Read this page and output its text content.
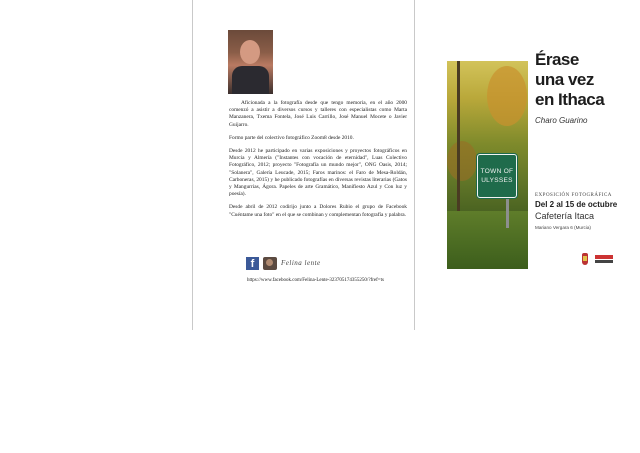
Aficionada a la fotografía desde que tengo memoria, en el año 2000 comenzó a asistir a diversos cursos y talleres con especialistas como Marta Manzanera, Txema Fontela, José Luis Carrillo, José Manuel Mocete o Javier Guijarro.

Formo parte del colectivo fotográfico Zoom8 desde 2010.

Desde 2012 he participado en varias exposiciones y proyectos fotográficos en Murcia y Almería ("Instantes con vocación de eternidad", Luas Colectivo Fotográfico, 2012; proyecto "Fotografía un mundo mejor", ONG Oasis, 2014; "Solanera", Galería Leucade, 2015; Faros marinos: el Faro de Mesa-Roldán, Carboneras, 2015) y he publicado fotografías en diversas revistas literarias (Gatos y Mangurrias, Ágora. Papeles de arte Gramático, Manifiesto Azul y Con luz y poesía).

Desde abril de 2012 codirijo junto a Dolores Rubio el grupo de Facebook "Cuéntame una foto" en el que se combinan y complementan fotografía y palabra.

f	Felina lente
https://www.facebook.com/Felina-Lente-323705174355250/?fref=ts
TOWN OF
ULYSSES

Érase

una vez

en Ithaca

Charo Guarino
EXPOSICIÓN FOTOGRÁFICA
Del 2 al 15 de octubre
Cafetería Itaca
Mariano Vergara 6 (Murcia)
